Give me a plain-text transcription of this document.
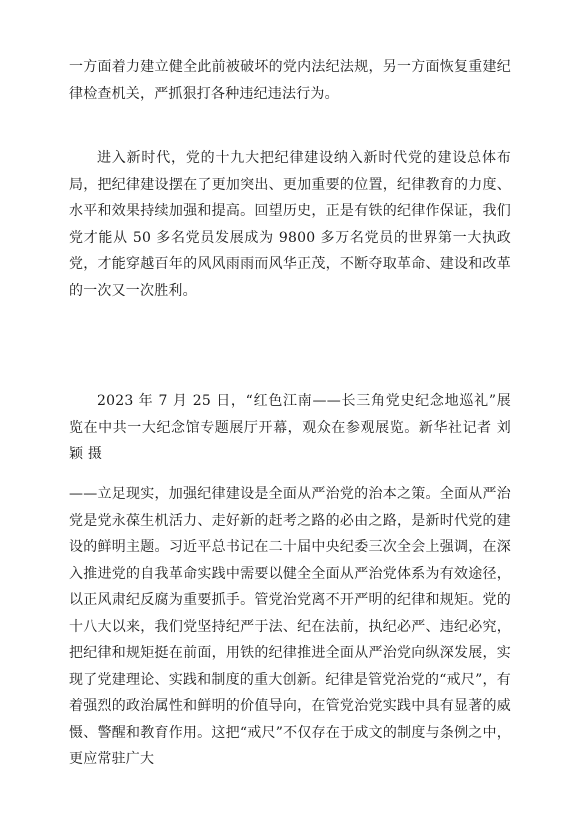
一方面着力建立健全此前被破坏的党内法纪法规，另一方面恢复重建纪律检查机关，严抓狠打各种违纪违法行为。

进入新时代，党的十九大把纪律建设纳入新时代党的建设总体布局，把纪律建设摆在了更加突出、更加重要的位置，纪律教育的力度、水平和效果持续加强和提高。回望历史，正是有铁的纪律作保证，我们党才能从 50 多名党员发展成为 9800 多万名党员的世界第一大执政党，才能穿越百年的风风雨雨而风华正茂，不断夺取革命、建设和改革的一次又一次胜利。

2023 年 7 月 25 日，“红色江南——长三角党史纪念地巡礼”展览在中共一大纪念馆专题展厅开幕，观众在参观展览。新华社记者 刘颖 摄

——立足现实，加强纪律建设是全面从严治党的治本之策。全面从严治党是党永葆生机活力、走好新的赶考之路的必由之路，是新时代党的建设的鲜明主题。习近平总书记在二十届中央纪委三次全会上强调，在深入推进党的自我革命实践中需要以健全全面从严治党体系为有效途径，以正风肃纪反腐为重要抓手。管党治党离不开严明的纪律和规矩。党的十八大以来，我们党坚持纪严于法、纪在法前，执纪必严、违纪必究，把纪律和规矩挺在前面，用铁的纪律推进全面从严治党向纵深发展，实现了党建理论、实践和制度的重大创新。纪律是管党治党的“戒尺”，有着强烈的政治属性和鲜明的价值导向，在管党治党实践中具有显著的威慑、警醒和教育作用。这把“戒尺”不仅存在于成文的制度与条例之中，更应常驻广大
